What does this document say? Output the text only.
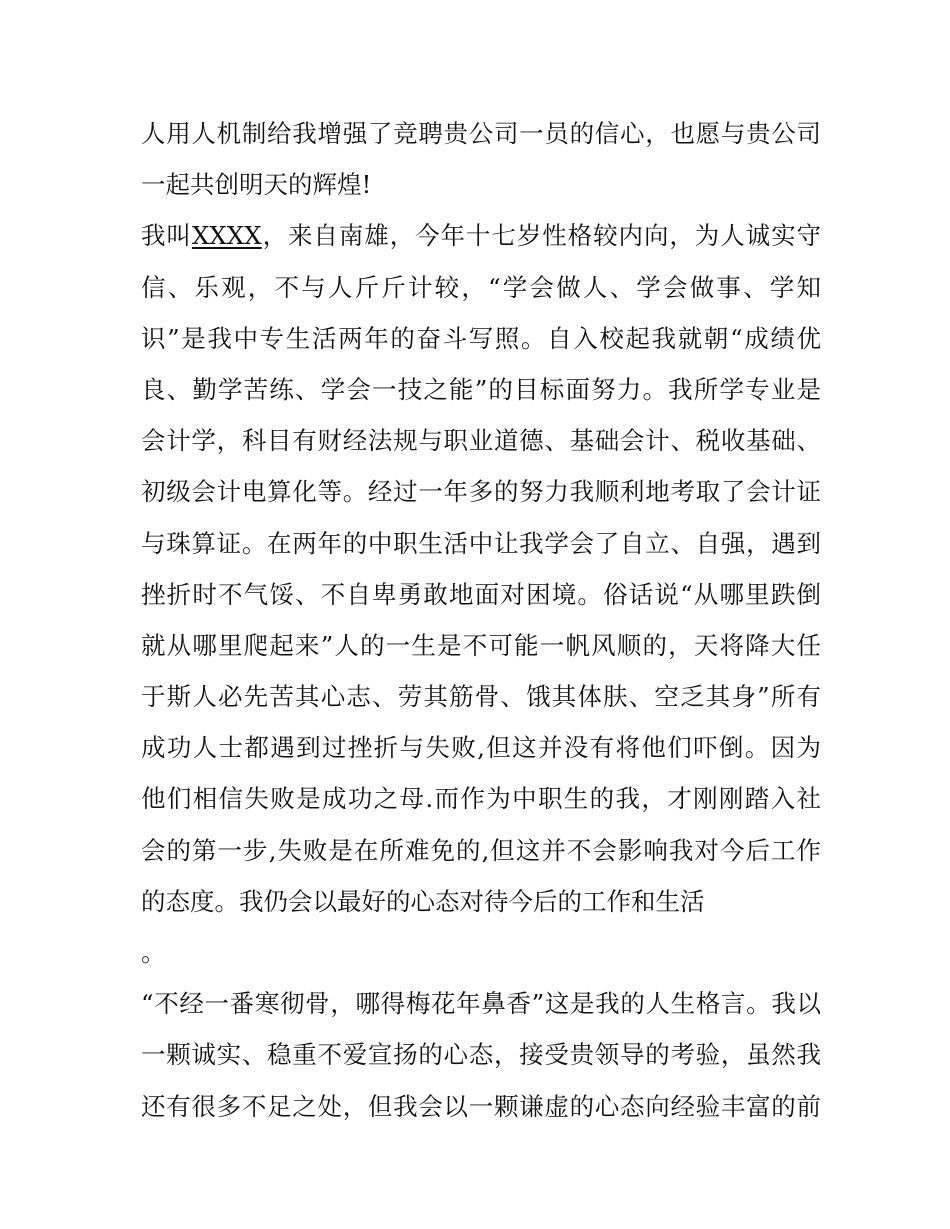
人用人机制给我增强了竞聘贵公司一员的信心，也愿与贵公司
一起共创明天的辉煌!
我叫XXXX，来自南雄，今年十七岁性格较内向，为人诚实守
信、乐观，不与人斤斤计较，“学会做人、学会做事、学知
识”是我中专生活两年的奋斗写照。自入校起我就朝“成绩优
良、勤学苦练、学会一技之能”的目标面努力。我所学专业是
会计学，科目有财经法规与职业道德、基础会计、税收基础、
初级会计电算化等。经过一年多的努力我顺利地考取了会计证
与珠算证。在两年的中职生活中让我学会了自立、自强，遇到
挫折时不气馁、不自卑勇敢地面对困境。俗话说“从哪里跌倒
就从哪里爬起来”人的一生是不可能一帆风顺的，天将降大任
于斯人必先苦其心志、劳其筋骨、饿其体肤、空乏其身”所有
成功人士都遇到过挫折与失败,但这并没有将他们吓倒。因为
他们相信失败是成功之母.而作为中职生的我，才刚刚踏入社
会的第一步,失败是在所难免的,但这并不会影响我对今后工作
的态度。我仍会以最好的心态对待今后的工作和生活
。
“不经一番寒彻骨，哪得梅花年鼻香”这是我的人生格言。我以
一颗诚实、稳重不爱宣扬的心态，接受贵领导的考验，虽然我
还有很多不足之处，但我会以一颗谦虚的心态向经验丰富的前
